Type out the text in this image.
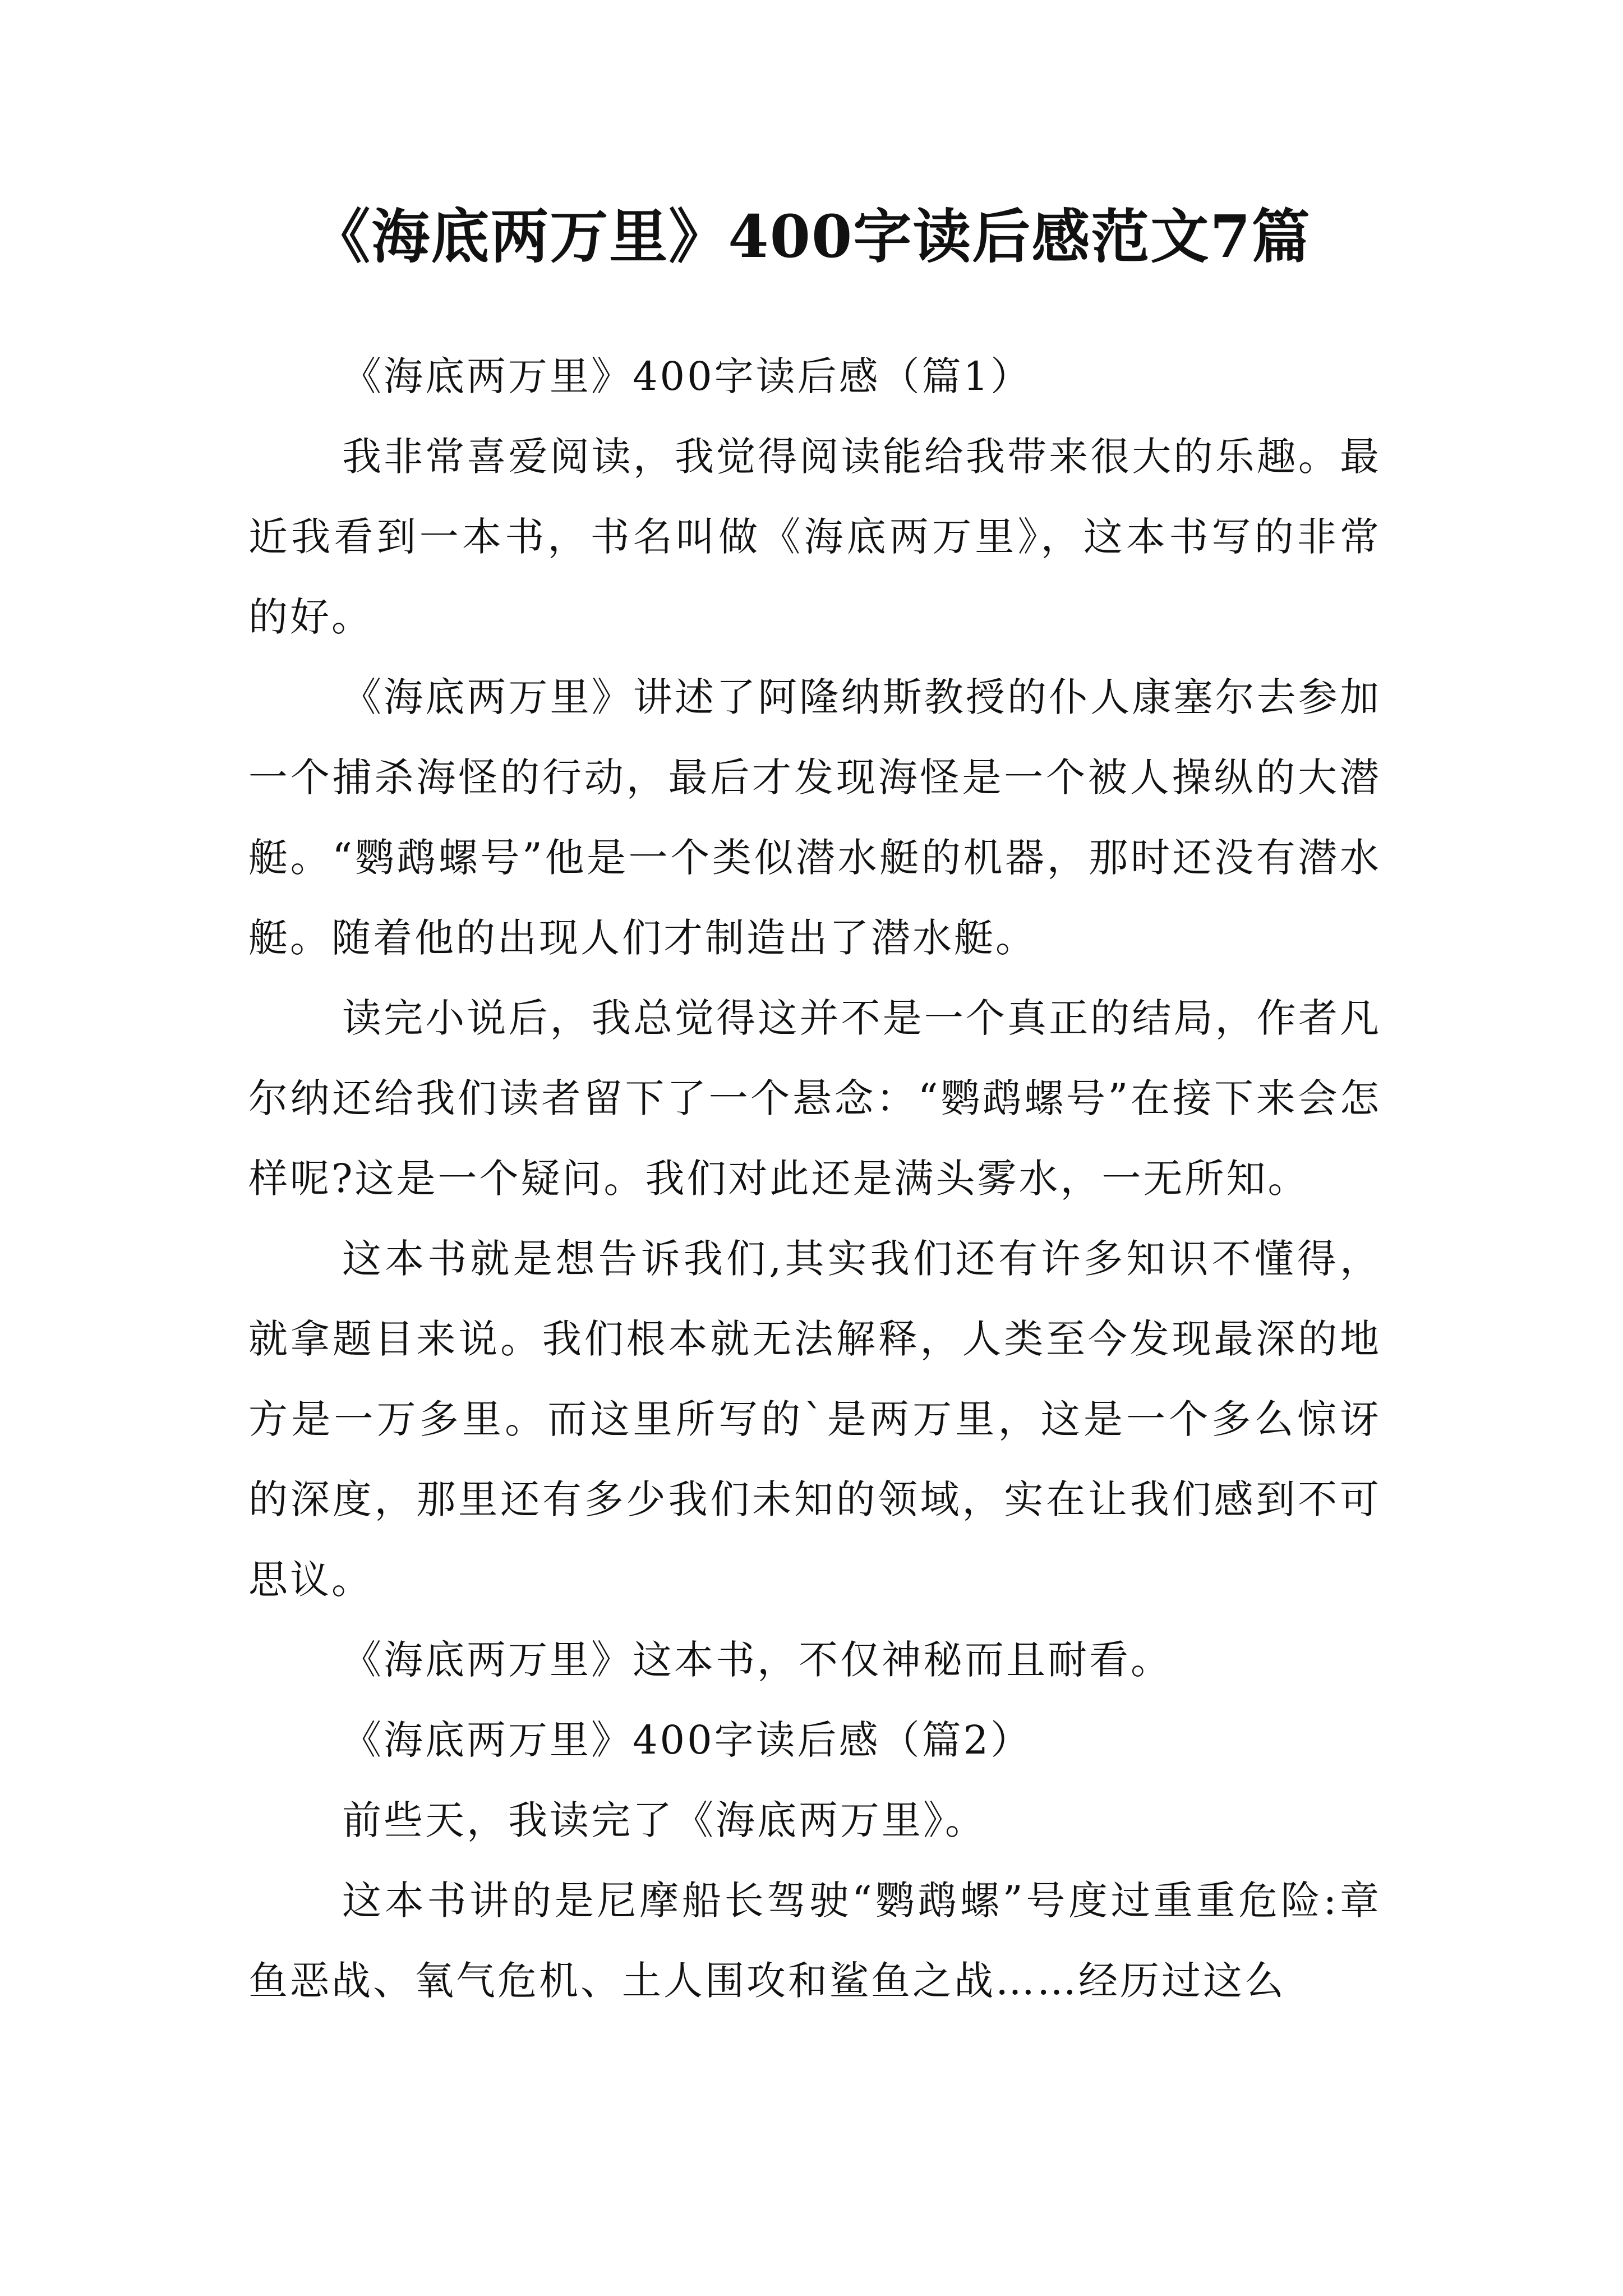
《海底两万里》400字读后感范文7篇

《海底两万里》400字读后感（篇1）

我非常喜爱阅读，我觉得阅读能给我带来很大的乐趣。最近我看到一本书，书名叫做《海底两万里》，这本书写的非常的好。

《海底两万里》讲述了阿隆纳斯教授的仆人康塞尔去参加一个捕杀海怪的行动，最后才发现海怪是一个被人操纵的大潜艇。“鹦鹉螺号”他是一个类似潜水艇的机器，那时还没有潜水艇。随着他的出现人们才制造出了潜水艇。

读完小说后，我总觉得这并不是一个真正的结局，作者凡尔纳还给我们读者留下了一个悬念：“鹦鹉螺号”在接下来会怎样呢?这是一个疑问。我们对此还是满头雾水，一无所知。

这本书就是想告诉我们,其实我们还有许多知识不懂得，就拿题目来说。我们根本就无法解释，人类至今发现最深的地方是一万多里。而这里所写的`是两万里，这是一个多么惊讶的深度，那里还有多少我们未知的领域，实在让我们感到不可思议。

《海底两万里》这本书，不仅神秘而且耐看。

《海底两万里》400字读后感（篇2）

前些天，我读完了《海底两万里》。

这本书讲的是尼摩船长驾驶“鹦鹉螺”号度过重重危险:章鱼恶战、氧气危机、土人围攻和鲨鱼之战……经历过这么
